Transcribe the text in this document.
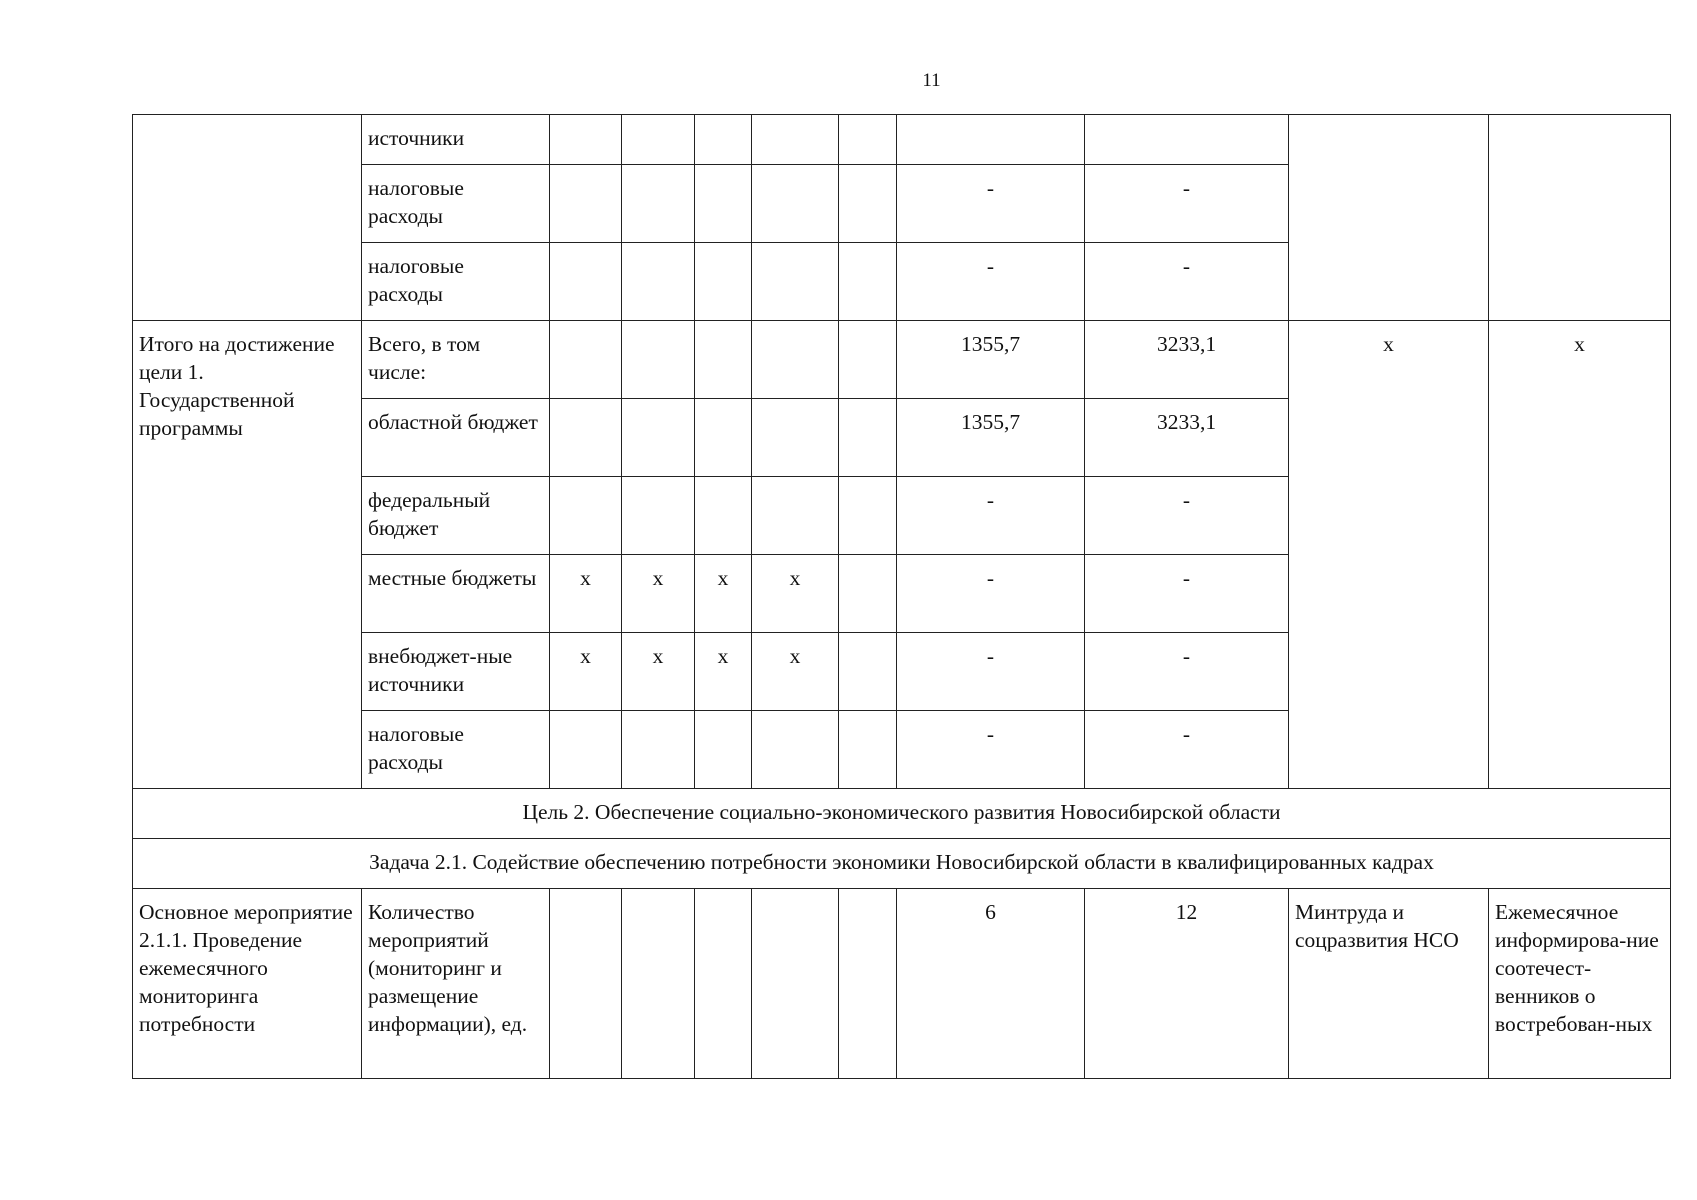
11
	источники									
	налоговые расходы						-	-		
	налоговые расходы						-	-		
Итого на достижение цели 1. Государственной программы	Всего, в том числе:						1355,7	3233,1	х	х
	областной бюджет						1355,7	3233,1		
	федеральный бюджет						-	-		
	местные бюджеты	х	х	х	х		-	-		
	внебюджет-ные источники	х	х	х	х		-	-		
	налоговые расходы						-	-		
Цель 2. Обеспечение социально-экономического развития Новосибирской области										
Задача 2.1. Содействие обеспечению потребности экономики Новосибирской области в квалифицированных кадрах										
Основное мероприятие 2.1.1. Проведение ежемесячного мониторинга потребности	Количество мероприятий (мониторинг и размещение информации), ед.						6	12	Минтруда и соцразвития НСО	Ежемесячное информирова-ние соотечест-венников о востребован-ных
